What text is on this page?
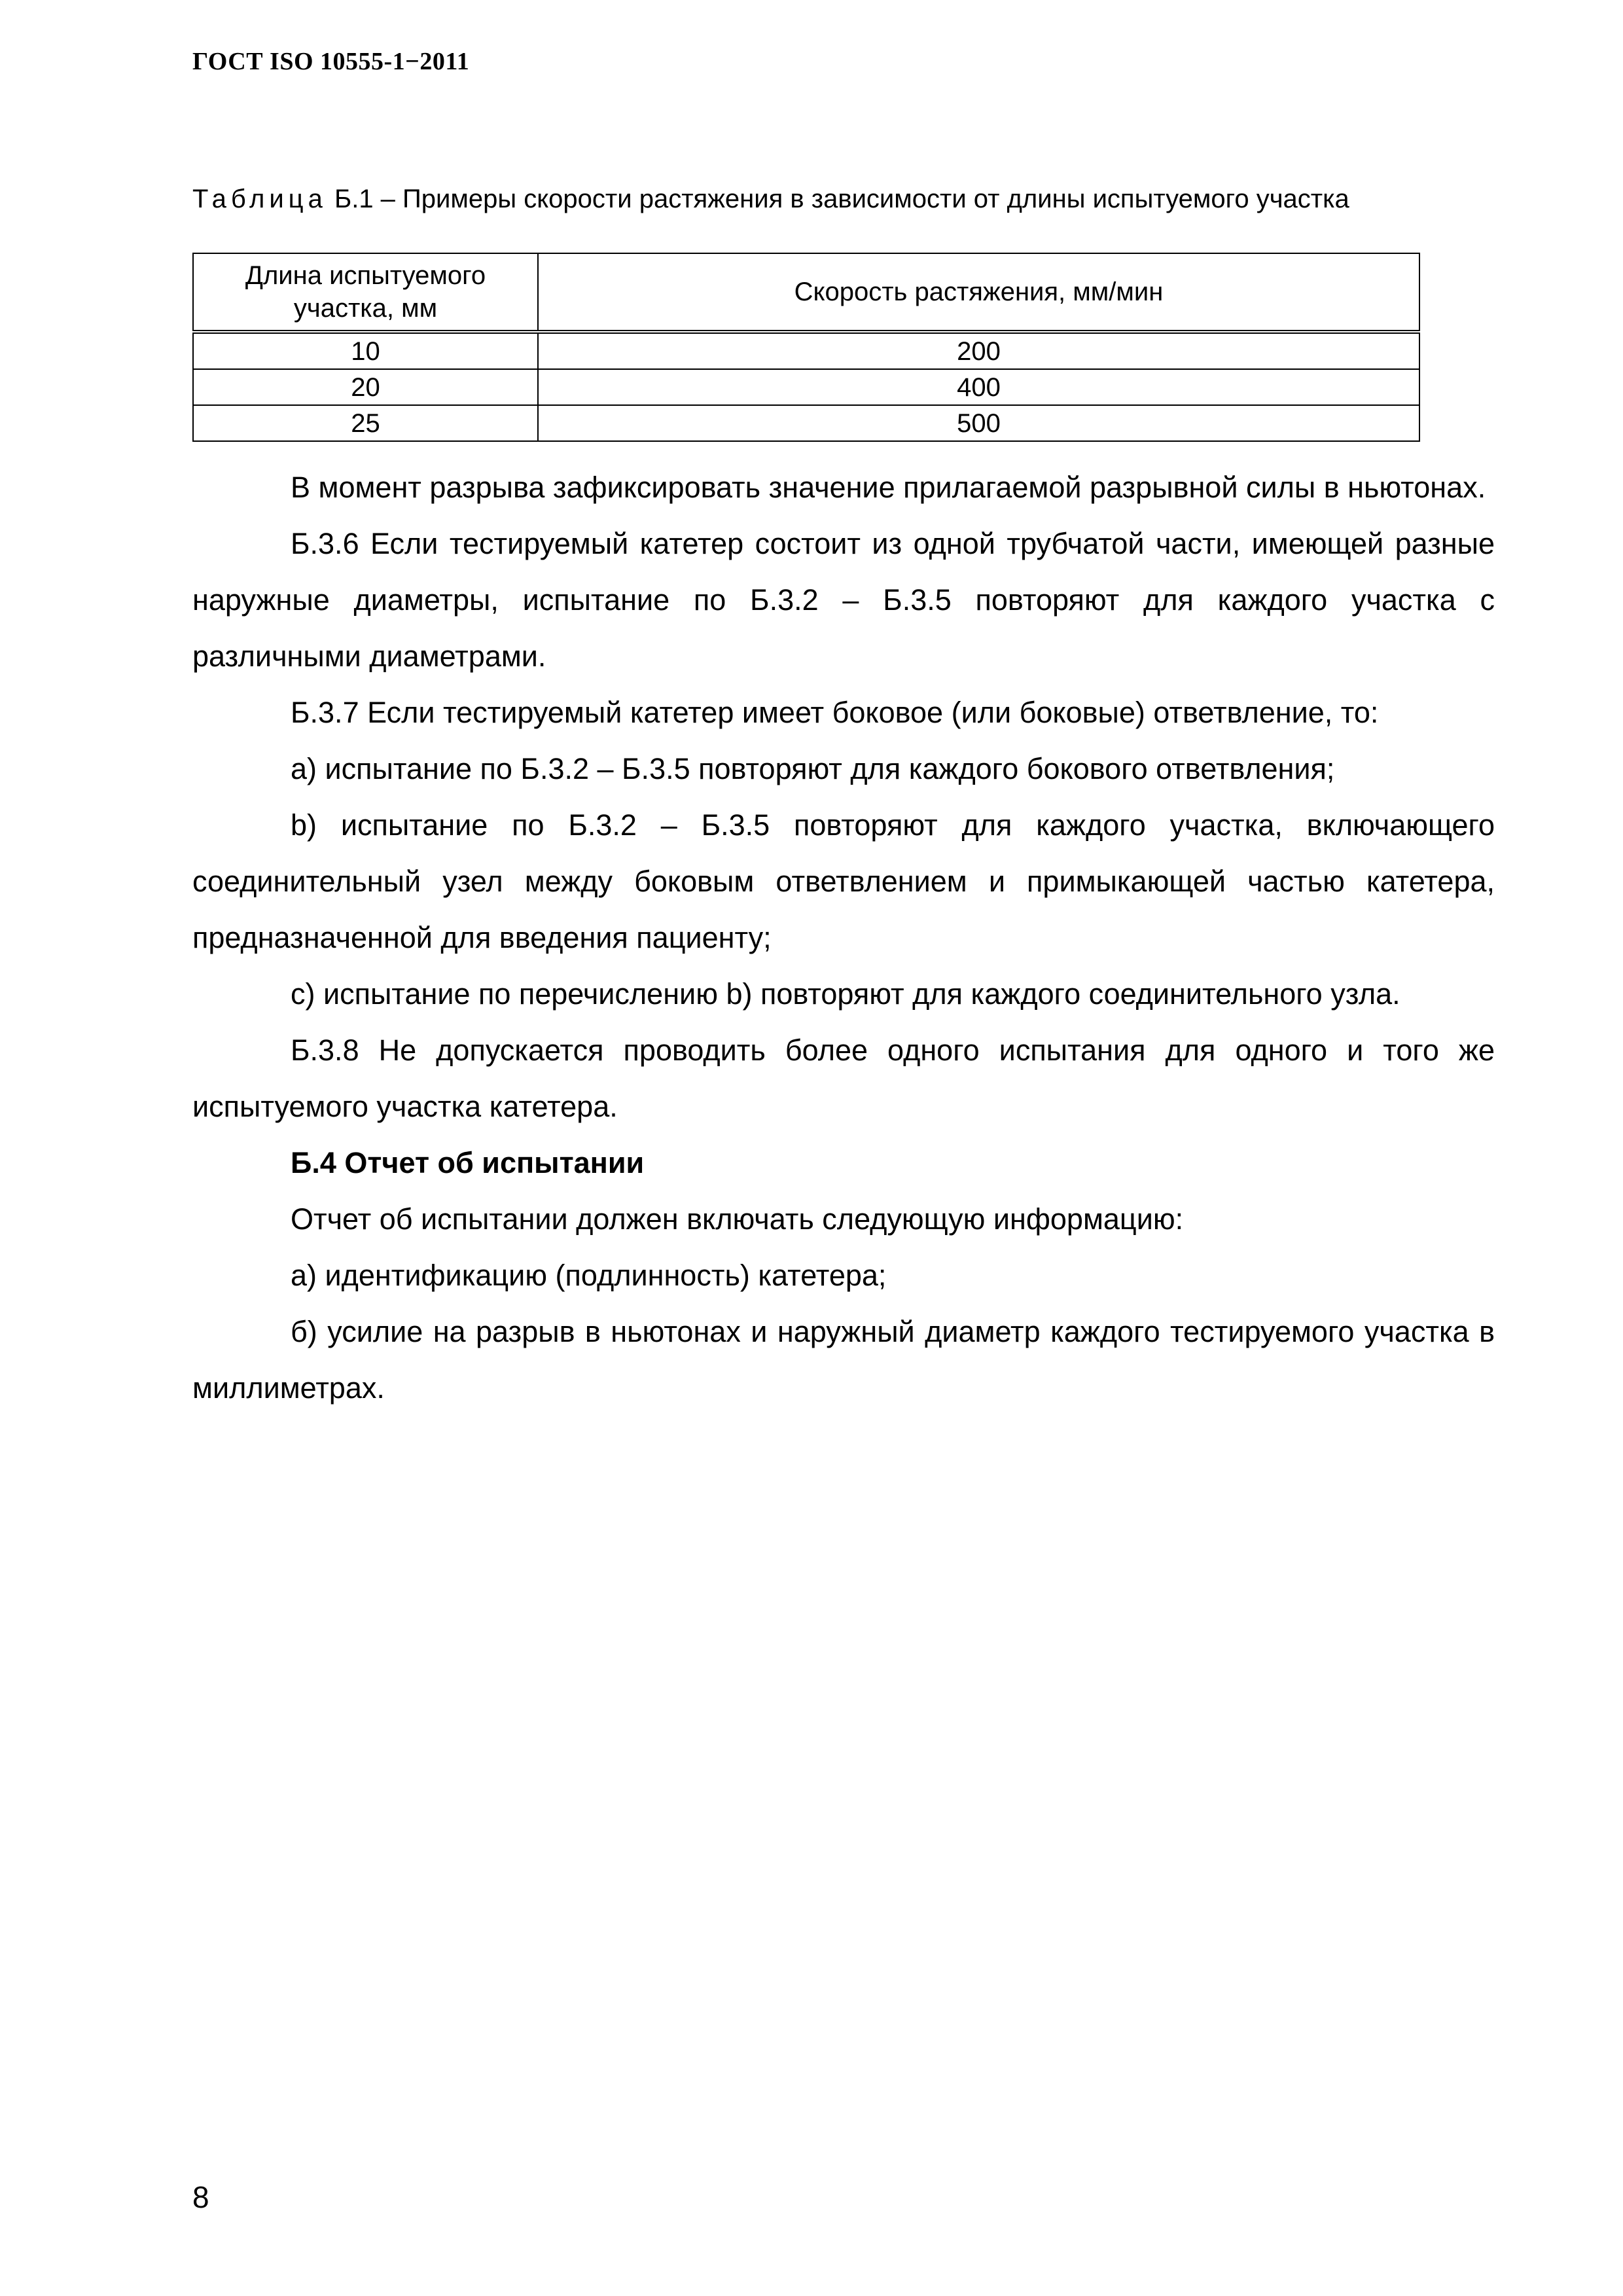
ГОСТ ISO 10555-1−2011
Таблица Б.1 – Примеры скорости растяжения в зависимости от длины испытуемого участка
Длина испытуемого участка, мм	Скорость растяжения, мм/мин
10	200
20	400
25	500

В момент разрыва зафиксировать значение прилагаемой разрывной силы в ньютонах.

Б.3.6 Если тестируемый катетер состоит из одной трубчатой части, имеющей разные наружные диаметры, испытание по Б.3.2 – Б.3.5 повторяют для каждого участка с различными диаметрами.

Б.3.7 Если тестируемый катетер имеет боковое (или боковые) ответвление, то:

а) испытание по Б.3.2 – Б.3.5 повторяют для каждого бокового ответвления;

b) испытание по Б.3.2 – Б.3.5 повторяют для каждого участка, включающего соединительный узел между боковым ответвлением и примыкающей частью катетера, предназначенной для введения пациенту;

с) испытание по перечислению b) повторяют для каждого соединительного узла.

Б.3.8 Не допускается проводить более одного испытания для одного и того же испытуемого участка катетера.

Б.4 Отчет об испытании

Отчет об испытании должен включать следующую информацию:

а) идентификацию (подлинность) катетера;

б) усилие на разрыв в ньютонах и наружный диаметр каждого тестируемого участка в миллиметрах.

8
